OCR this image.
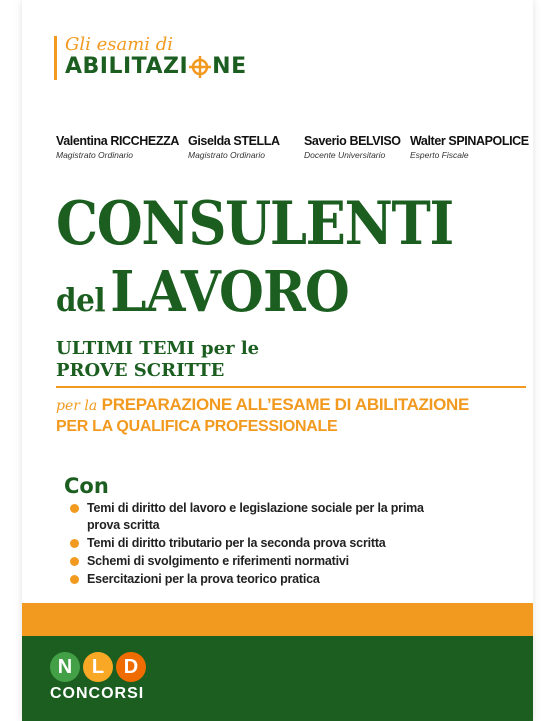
Gli esami di
ABILITAZI NE
Valentina RICCHEZZA
Magistrato Ordinario
Giselda STELLA
Magistrato Ordinario
Saverio BELVISO
Docente Universitario
Walter SPINAPOLICE
Esperto Fiscale
CONSULENTI
del LAVORO
ULTIMI TEMI per le
PROVE SCRITTE
per la PREPARAZIONE ALL’ESAME DI ABILITAZIONE
PER LA QUALIFICA PROFESSIONALE
Con
Temi di diritto del lavoro e legislazione sociale per la prima prova scritta
Temi di diritto tributario per la seconda prova scritta
Schemi di svolgimento e riferimenti normativi
Esercitazioni per la prova teorico pratica
N L D
CONCORSI
